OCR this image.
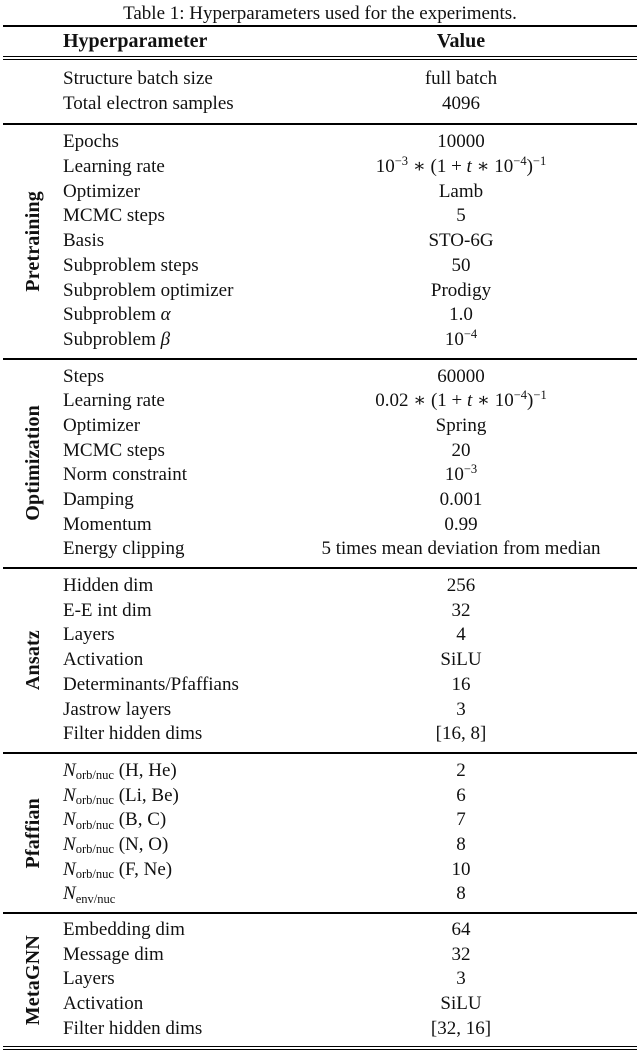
Table 1: Hyperparameters used for the experiments.
Hyperparameter	Value
Structure batch size	full batch
Total electron samples	4096
Pretraining
Epochs	10000
Learning rate	$10^{-3}$ ∗ (1 + t ∗ $10^{-4})^{-1}$
Optimizer	Lamb
MCMC steps	5
Basis	STO-6G
Subproblem steps	50
Subproblem optimizer	Prodigy
Subproblem α	1.0
Subproblem β	$10^{-4}$
Optimization
Steps	60000
Learning rate	0.02 ∗ (1 + t ∗ $10^{-4})^{-1}$
Optimizer	Spring
MCMC steps	20
Norm constraint	$10^{-3}$
Damping	0.001
Momentum	0.99
Energy clipping	5 times mean deviation from median
Ansatz
Hidden dim	256
E-E int dim	32
Layers	4
Activation	SiLU
Determinants/Pfaffians	16
Jastrow layers	3
Filter hidden dims	[16, 8]
Pfaffian
$N_{orb/nuc}$ (H, He)	2
$N_{orb/nuc}$ (Li, Be)	6
$N_{orb/nuc}$ (B, C)	7
$N_{orb/nuc}$ (N, O)	8
$N_{orb/nuc}$ (F, Ne)	10
$N_{env/nuc}$	8
MetaGNN
Embedding dim	64
Message dim	32
Layers	3
Activation	SiLU
Filter hidden dims	[32, 16]
